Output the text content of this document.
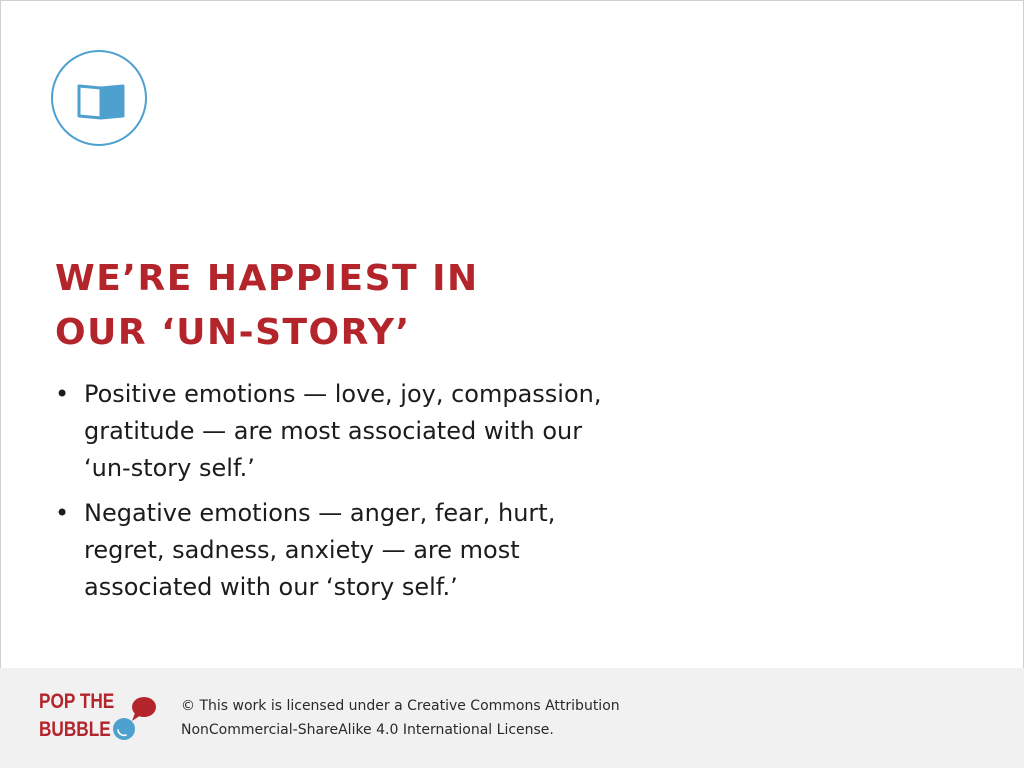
WE’RE HAPPIEST IN
OUR ‘UN-STORY’
• Positive emotions — love, joy, compassion,
gratitude — are most associated with our
‘un-story self.’
• Negative emotions — anger, fear, hurt,
regret, sadness, anxiety — are most
associated with our ‘story self.’

POP THE
BUBBLE

© This work is licensed under a Creative Commons Attribution
NonCommercial-ShareAlike 4.0 International License.
